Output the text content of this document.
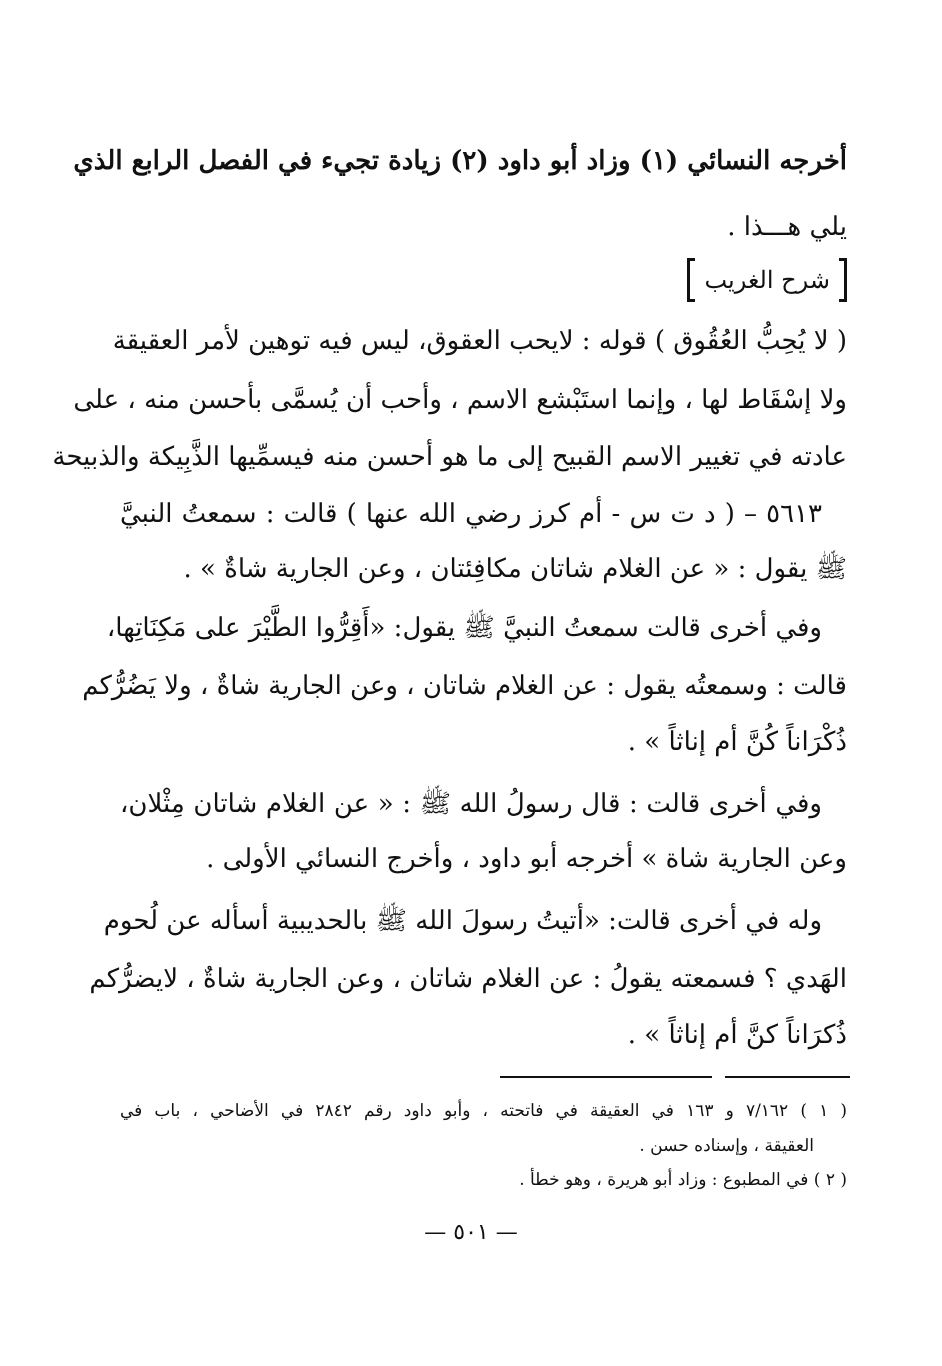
أخرجه النسائي (١) وزاد أبو داود (٢) زيادة تجيء في الفصل الرابع الذي
يلي هـــذا .
شرح الغريب
( لا يُحِبُّ العُقُوق ) قوله : لايحب العقوق، ليس فيه توهين لأمر العقيقة
ولا إسْقَاط لها ، وإنما استَبْشع الاسم ، وأحب أن يُسمَّى بأحسن منه ، على
عادته في تغيير الاسم القبيح إلى ما هو أحسن منه فيسمِّيها الذَّبِيكة والذبيحة
٥٦١٣ – ( د ت س - أم كرز رضي الله عنها ) قالت : سمعتُ النبيَّ
ﷺ يقول : « عن الغلام شاتان مكافِئتان ، وعن الجارية شاةٌ » .
وفي أخرى قالت سمعتُ النبيَّ ﷺ يقول: «أَقِرُّوا الطَّيْرَ على مَكِنَاتِها،
قالت : وسمعتُه يقول : عن الغلام شاتان ، وعن الجارية شاةٌ ، ولا يَضُرُّكم
ذُكْرَاناً كُنَّ أم إناثاً » .
وفي أخرى قالت : قال رسولُ الله ﷺ : « عن الغلام شاتان مِثْلان،
وعن الجارية شاة » أخرجه أبو داود ، وأخرج النسائي الأولى .
وله في أخرى قالت: «أتيتُ رسولَ الله ﷺ بالحديبية أسأله عن لُحوم
الهَدي ؟ فسمعته يقولُ : عن الغلام شاتان ، وعن الجارية شاةٌ ، لايضرُّكم
ذُكرَاناً كنَّ أم إناثاً » .
( ١ ) ٧/١٦٢ و ١٦٣ في العقيقة في فاتحته ، وأبو داود رقم ٢٨٤٢ في الأضاحي ، باب في
العقيقة ، وإسناده حسن .
( ٢ ) في المطبوع : وزاد أبو هريرة ، وهو خطأ .
— ٥٠١ —
